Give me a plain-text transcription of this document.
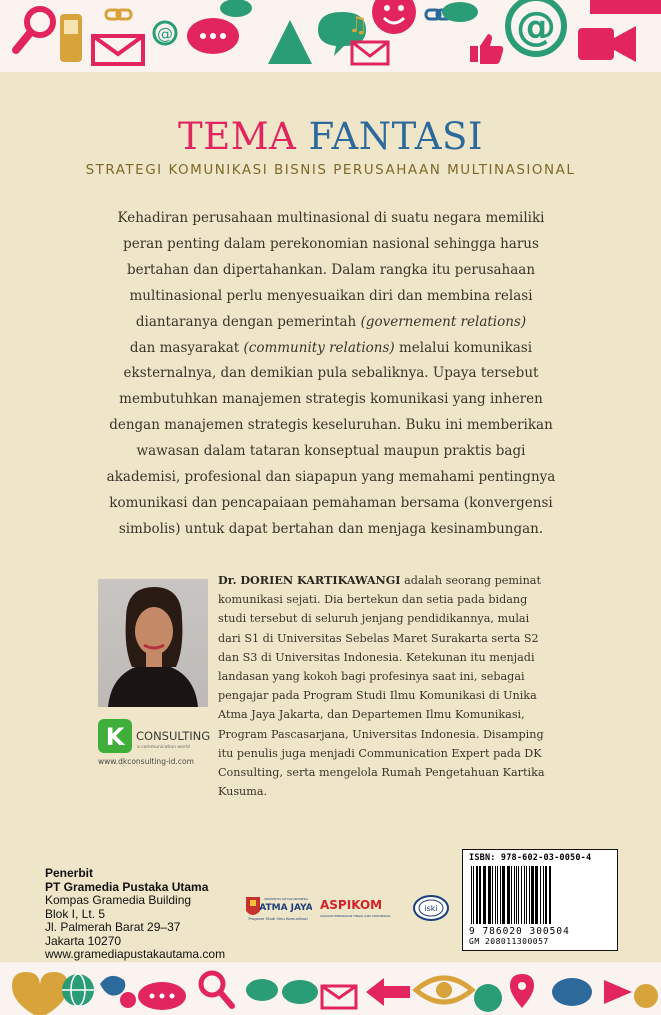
@	♫	@
TEMA FANTASI
STRATEGI KOMUNIKASI BISNIS PERUSAHAAN MULTINASIONAL

Kehadiran perusahaan multinasional di suatu negara memiliki

peran penting dalam perekonomian nasional sehingga harus

bertahan dan dipertahankan. Dalam rangka itu perusahaan

multinasional perlu menyesuaikan diri dan membina relasi

diantaranya dengan pemerintah (governement relations)

dan masyarakat (community relations) melalui komunikasi

eksternalnya, dan demikian pula sebaliknya. Upaya tersebut

membutuhkan manajemen strategis komunikasi yang inheren

dengan manajemen strategis keseluruhan. Buku ini memberikan

wawasan dalam tataran konseptual maupun praktis bagi

akademisi, profesional dan siapapun yang memahami pentingnya

komunikasi dan pencapaiaan pemahaman bersama (konvergensi

simbolis) untuk dapat bertahan dan menjaga kesinambungan.

K CONSULTING
a communication world
www.dkconsulting-id.com

Dr. DORIEN KARTIKAWANGI adalah seorang peminat

komunikasi sejati. Dia bertekun dan setia pada bidang

studi tersebut di seluruh jenjang pendidikannya, mulai

dari S1 di Universitas Sebelas Maret Surakarta serta S2

dan S3 di Universitas Indonesia. Ketekunan itu menjadi

landasan yang kokoh bagi profesinya saat ini, sebagai

pengajar pada Program Studi Ilmu Komunikasi di Unika

Atma Jaya Jakarta, dan Departemen Ilmu Komunikasi,

Program Pascasarjana, Universitas Indonesia. Disamping

itu penulis juga menjadi Communication Expert pada DK

Consulting, serta mengelola Rumah Pengetahuan Kartika

Kusuma.

Penerbit
PT Gramedia Pustaka Utama
Kompas Gramedia Building
Blok I, Lt. 5
Jl. Palmerah Barat 29–37
Jakarta 10270
www.gramediapustakautama.com
UNIVERSITAS KATOLIK INDONESIA
ATMA JAYA
Program Studi Ilmu Komunikasi
ASPIKOM
ASOSIASI PENDIDIKAN TINGGI ILMU KOMUNIKASI
iski
ISBN: 978-602-03-0050-4
9 786020 300504
GM 208011300057
